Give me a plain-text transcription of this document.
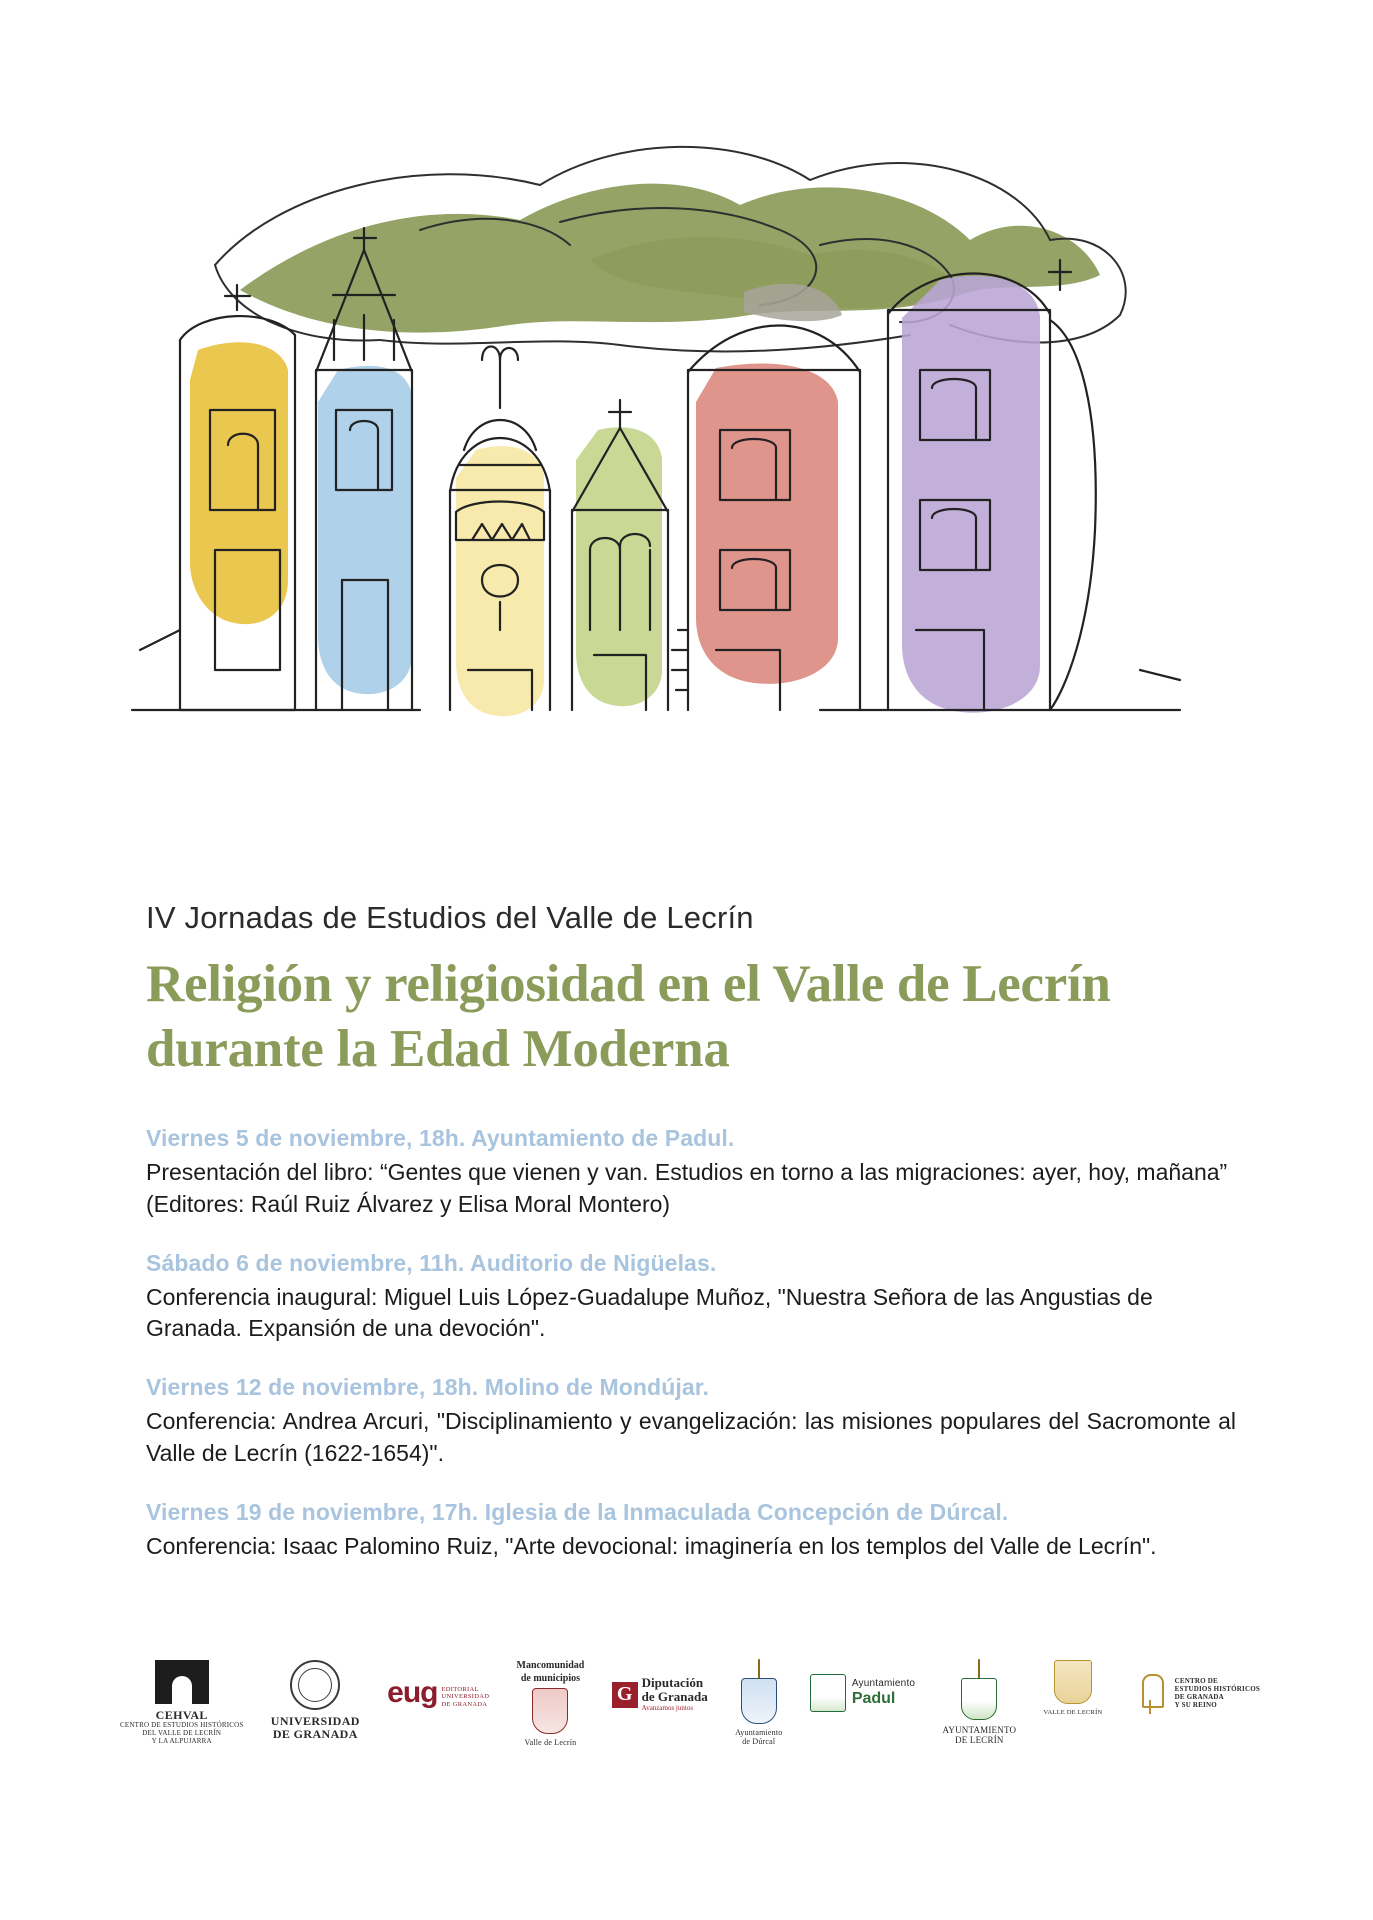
IV Jornadas de Estudios del Valle de Lecrín
Religión y religiosidad en el Valle de Lecrín durante la Edad Moderna
Viernes 5 de noviembre, 18h. Ayuntamiento de Padul.
Presentación del libro: “Gentes que vienen y van. Estudios en torno a las migraciones: ayer, hoy, mañana” (Editores: Raúl Ruiz Álvarez y Elisa Moral Montero)
Sábado 6 de noviembre, 11h. Auditorio de Nigüelas.
Conferencia inaugural: Miguel Luis López-Guadalupe Muñoz, "Nuestra Señora de las Angustias de Granada. Expansión de una devoción".
Viernes 12 de noviembre, 18h. Molino de Mondújar.
Conferencia: Andrea Arcuri, "Disciplinamiento y evangelización: las misiones populares del Sacromonte al Valle de Lecrín (1622-1654)".
Viernes 19 de noviembre, 17h. Iglesia de la Inmaculada Concepción de Dúrcal.
Conferencia: Isaac Palomino Ruiz, "Arte devocional: imaginería en los templos del Valle de Lecrín".
CEHVAL
CENTRO DE ESTUDIOS HISTÓRICOS
DEL VALLE DE LECRÍN
Y LA ALPUJARRA
UNIVERSIDAD
DE GRANADA
eug EDITORIAL
UNIVERSIDAD
DE GRANADA
Mancomunidad
de municipios
Valle de Lecrín
G
Diputación
de Granada
Avanzamos juntos
Ayuntamiento
de Dúrcal
Ayuntamiento
Padul
AYUNTAMIENTO
DE LECRÍN
VALLE DE LECRÍN
CENTRO DE
ESTUDIOS HISTÓRICOS
DE GRANADA
Y SU REINO
